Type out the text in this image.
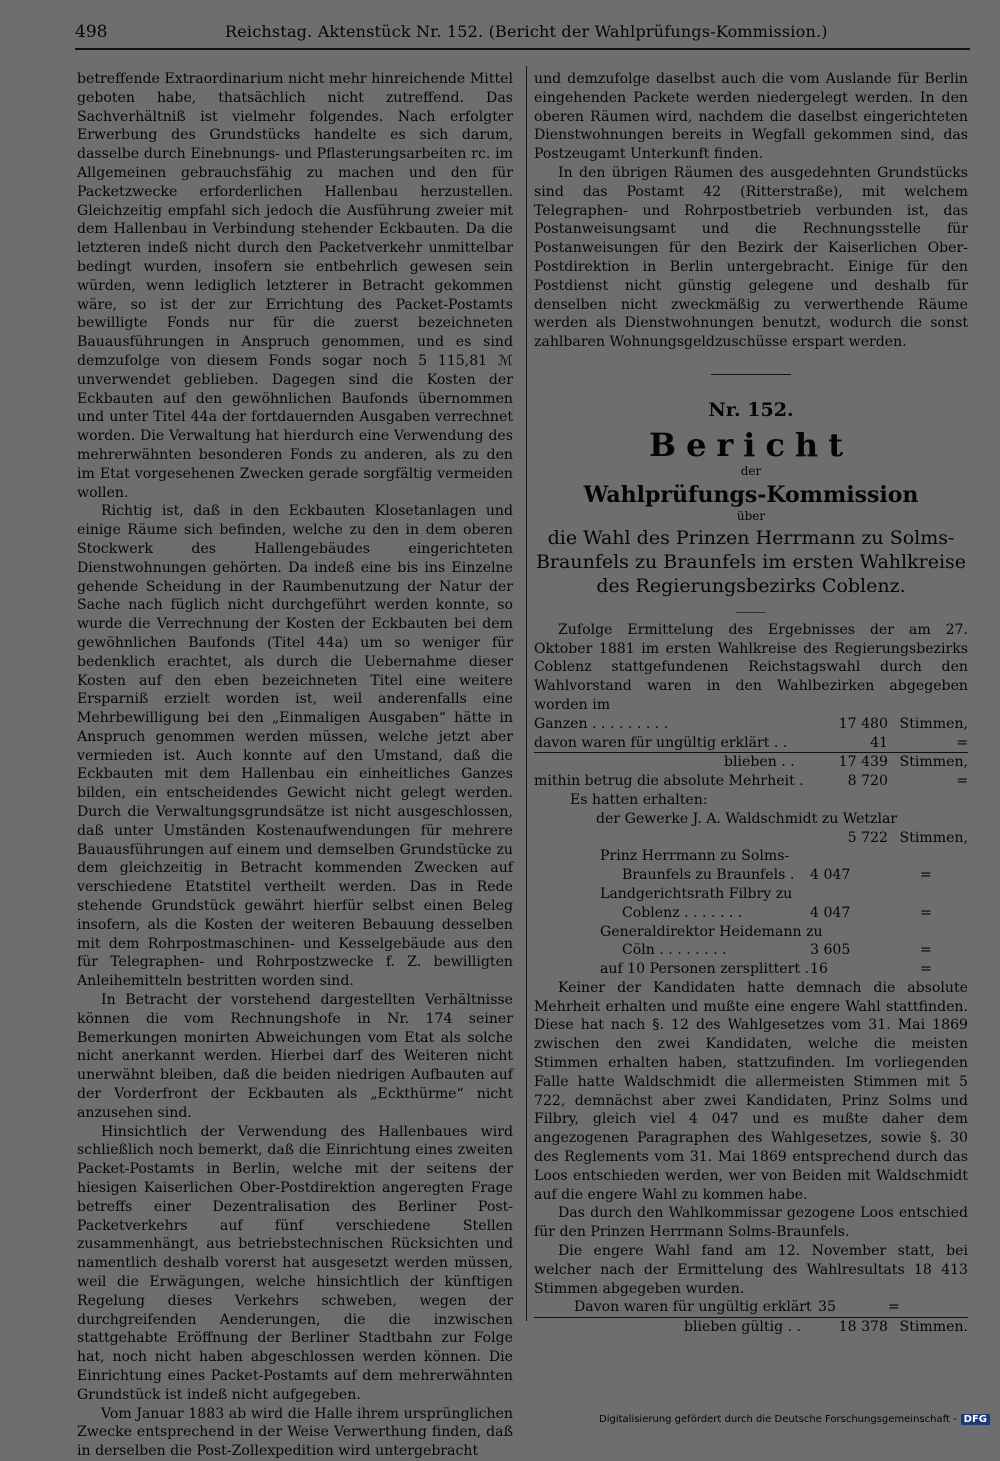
498	Reichstag. Aktenstück Nr. 152. (Bericht der Wahlprüfungs-Kommission.)

betreffende Extraordinarium nicht mehr hinreichende Mittel geboten habe, thatsächlich nicht zutreffend. Das Sachverhältniß ist vielmehr folgendes. Nach erfolgter Erwerbung des Grundstücks handelte es sich darum, dasselbe durch Einebnungs- und Pflasterungsarbeiten rc. im Allgemeinen gebrauchsfähig zu machen und den für Packetzwecke erforderlichen Hallenbau herzustellen. Gleichzeitig empfahl sich jedoch die Ausführung zweier mit dem Hallenbau in Verbindung stehender Eckbauten. Da die letzteren indeß nicht durch den Packetverkehr unmittelbar bedingt wurden, insofern sie entbehrlich gewesen sein würden, wenn lediglich letzterer in Betracht gekommen wäre, so ist der zur Errichtung des Packet-Postamts bewilligte Fonds nur für die zuerst bezeichneten Bauausführungen in Anspruch genommen, und es sind demzufolge von diesem Fonds sogar noch 5 115,81 ℳ unverwendet geblieben. Dagegen sind die Kosten der Eckbauten auf den gewöhnlichen Baufonds übernommen und unter Titel 44a der fortdauernden Ausgaben verrechnet worden. Die Verwaltung hat hierdurch eine Verwendung des mehrerwähnten besonderen Fonds zu anderen, als zu den im Etat vorgesehenen Zwecken gerade sorgfältig vermeiden wollen.

Richtig ist, daß in den Eckbauten Klosetanlagen und einige Räume sich befinden, welche zu den in dem oberen Stockwerk des Hallengebäudes eingerichteten Dienstwohnungen gehörten. Da indeß eine bis ins Einzelne gehende Scheidung in der Raumbenutzung der Natur der Sache nach füglich nicht durchgeführt werden konnte, so wurde die Verrechnung der Kosten der Eckbauten bei dem gewöhnlichen Baufonds (Titel 44a) um so weniger für bedenklich erachtet, als durch die Uebernahme dieser Kosten auf den eben bezeichneten Titel eine weitere Ersparniß erzielt worden ist, weil anderenfalls eine Mehrbewilligung bei den „Einmaligen Ausgaben“ hätte in Anspruch genommen werden müssen, welche jetzt aber vermieden ist. Auch konnte auf den Umstand, daß die Eckbauten mit dem Hallenbau ein einheitliches Ganzes bilden, ein entscheidendes Gewicht nicht gelegt werden. Durch die Verwaltungsgrundsätze ist nicht ausgeschlossen, daß unter Umständen Kostenaufwendungen für mehrere Bauausführungen auf einem und demselben Grundstücke zu dem gleichzeitig in Betracht kommenden Zwecken auf verschiedene Etatstitel vertheilt werden. Das in Rede stehende Grundstück gewährt hierfür selbst einen Beleg insofern, als die Kosten der weiteren Bebauung desselben mit dem Rohrpostmaschinen- und Kesselgebäude aus den für Telegraphen- und Rohrpostzwecke f. Z. bewilligten Anleihemitteln bestritten worden sind.

In Betracht der vorstehend dargestellten Verhältnisse können die vom Rechnungshofe in Nr. 174 seiner Bemerkungen monirten Abweichungen vom Etat als solche nicht anerkannt werden. Hierbei darf des Weiteren nicht unerwähnt bleiben, daß die beiden niedrigen Aufbauten auf der Vorderfront der Eckbauten als „Eckthürme“ nicht anzusehen sind.

Hinsichtlich der Verwendung des Hallenbaues wird schließlich noch bemerkt, daß die Einrichtung eines zweiten Packet-Postamts in Berlin, welche mit der seitens der hiesigen Kaiserlichen Ober-Postdirektion angeregten Frage betreffs einer Dezentralisation des Berliner Post-Packetverkehrs auf fünf verschiedene Stellen zusammenhängt, aus betriebstechnischen Rücksichten und namentlich deshalb vorerst hat ausgesetzt werden müssen, weil die Erwägungen, welche hinsichtlich der künftigen Regelung dieses Verkehrs schweben, wegen der durchgreifenden Aenderungen, die die inzwischen stattgehabte Eröffnung der Berliner Stadtbahn zur Folge hat, noch nicht haben abgeschlossen werden können. Die Einrichtung eines Packet-Postamts auf dem mehrerwähnten Grundstück ist indeß nicht aufgegeben.

Vom Januar 1883 ab wird die Halle ihrem ursprünglichen Zwecke entsprechend in der Weise Verwerthung finden, daß in derselben die Post-Zollexpedition wird untergebracht

und demzufolge daselbst auch die vom Auslande für Berlin eingehenden Packete werden niedergelegt werden. In den oberen Räumen wird, nachdem die daselbst eingerichteten Dienstwohnungen bereits in Wegfall gekommen sind, das Postzeugamt Unterkunft finden.

In den übrigen Räumen des ausgedehnten Grundstücks sind das Postamt 42 (Ritterstraße), mit welchem Telegraphen- und Rohrpostbetrieb verbunden ist, das Postanweisungsamt und die Rechnungsstelle für Postanweisungen für den Bezirk der Kaiserlichen Ober-Postdirektion in Berlin untergebracht. Einige für den Postdienst nicht günstig gelegene und deshalb für denselben nicht zweckmäßig zu verwerthende Räume werden als Dienstwohnungen benutzt, wodurch die sonst zahlbaren Wohnungsgeldzuschüsse erspart werden.

Nr. 152.
Bericht
der
Wahlprüfungs-Kommission
über
die Wahl des Prinzen Herrmann zu Solms-Braunfels zu Braunfels im ersten Wahlkreise des Regierungsbezirks Coblenz.

Zufolge Ermittelung des Ergebnisses der am 27. Oktober 1881 im ersten Wahlkreise des Regierungsbezirks Coblenz stattgefundenen Reichstagswahl durch den Wahlvorstand waren in den Wahlbezirken abgegeben worden im

Ganzen . . . . . . . . .	17 480 Stimmen,
davon waren für ungültig erklärt . .	41	=
blieben . .	17 439 Stimmen,
mithin betrug die absolute Mehrheit .	8 720	=
Es hatten erhalten:
der Gewerke J. A. Waldschmidt zu Wetzlar
5 722 Stimmen,
Prinz Herrmann zu Solms-
Braunfels zu Braunfels .	4 047	=
Landgerichtsrath Filbry zu
Coblenz . . . . . . .	4 047	=
Generaldirektor Heidemann zu
Cöln . . . . . . . .	3 605	=
auf 10 Personen zersplittert . 16	=

Keiner der Kandidaten hatte demnach die absolute Mehrheit erhalten und mußte eine engere Wahl stattfinden. Diese hat nach §. 12 des Wahlgesetzes vom 31. Mai 1869 zwischen den zwei Kandidaten, welche die meisten Stimmen erhalten haben, stattzufinden. Im vorliegenden Falle hatte Waldschmidt die allermeisten Stimmen mit 5 722, demnächst aber zwei Kandidaten, Prinz Solms und Filbry, gleich viel 4 047 und es mußte daher dem angezogenen Paragraphen des Wahlgesetzes, sowie §. 30 des Reglements vom 31. Mai 1869 entsprechend durch das Loos entschieden werden, wer von Beiden mit Waldschmidt auf die engere Wahl zu kommen habe.

Das durch den Wahlkommissar gezogene Loos entschied für den Prinzen Herrmann Solms-Braunfels.

Die engere Wahl fand am 12. November statt, bei welcher nach der Ermittelung des Wahlresultats 18 413 Stimmen abgegeben wurden.

Davon waren für ungültig erklärt 35	=
blieben gültig . .	18 378 Stimmen.
Digitalisierung gefördert durch die Deutsche Forschungsgemeinschaft - DFG
